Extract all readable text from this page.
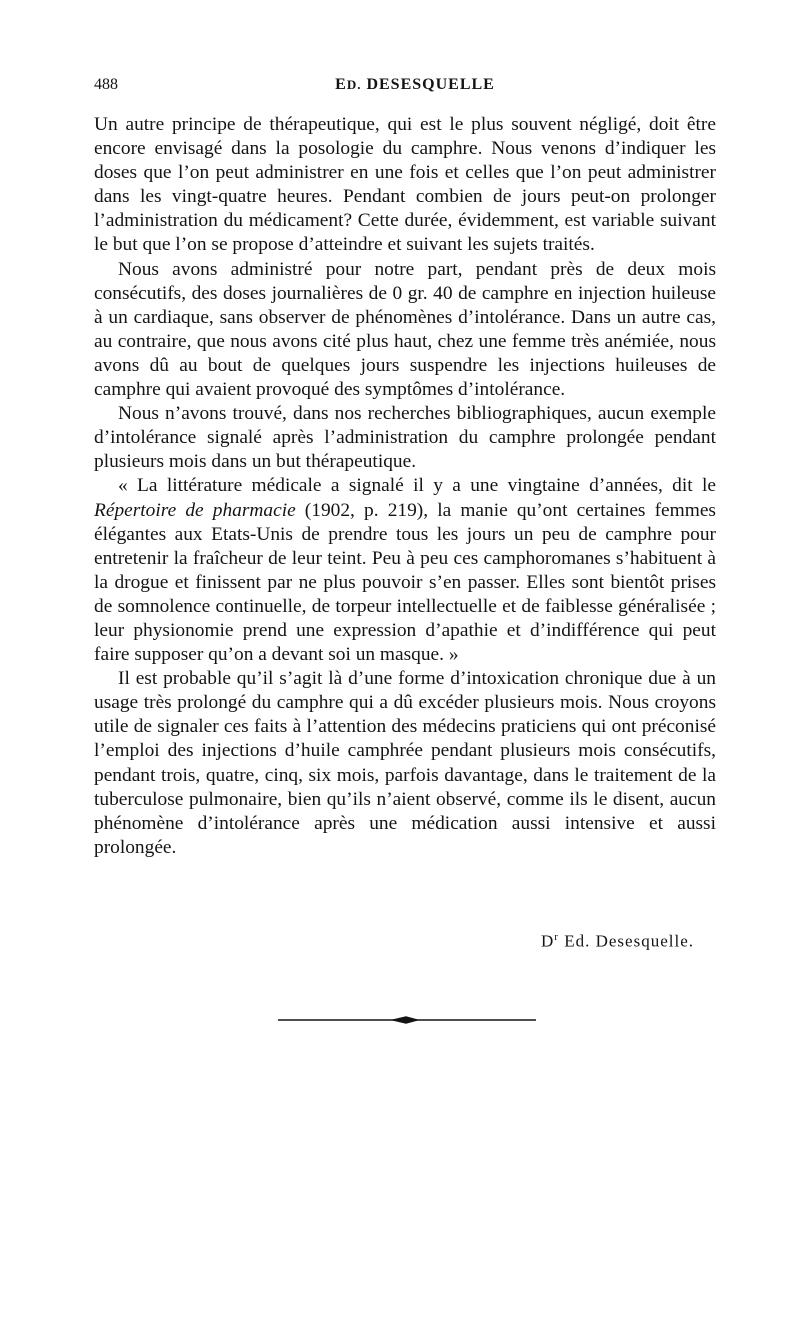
488	ED. DESESQUELLE

Un autre principe de thérapeutique, qui est le plus souvent négligé, doit être encore envisagé dans la posologie du camphre. Nous venons d’indiquer les doses que l’on peut administrer en une fois et celles que l’on peut administrer dans les vingt-quatre heures. Pendant combien de jours peut-on prolonger l’administration du médicament? Cette durée, évidemment, est variable suivant le but que l’on se propose d’atteindre et suivant les sujets traités.

Nous avons administré pour notre part, pendant près de deux mois consécutifs, des doses journalières de 0 gr. 40 de camphre en injection huileuse à un cardiaque, sans observer de phénomènes d’intolérance. Dans un autre cas, au contraire, que nous avons cité plus haut, chez une femme très anémiée, nous avons dû au bout de quelques jours suspendre les injections huileuses de camphre qui avaient provoqué des symptômes d’intolérance.

Nous n’avons trouvé, dans nos recherches bibliographiques, aucun exemple d’intolérance signalé après l’administration du camphre prolongée pendant plusieurs mois dans un but thérapeutique.

« La littérature médicale a signalé il y a une vingtaine d’années, dit le Répertoire de pharmacie (1902, p. 219), la manie qu’ont certaines femmes élégantes aux Etats-Unis de prendre tous les jours un peu de camphre pour entretenir la fraîcheur de leur teint. Peu à peu ces camphoromanes s’habituent à la drogue et finissent par ne plus pouvoir s’en passer. Elles sont bientôt prises de somnolence continuelle, de torpeur intellectuelle et de faiblesse généralisée ; leur physionomie prend une expression d’apathie et d’indifférence qui peut faire supposer qu’on a devant soi un masque. »

Il est probable qu’il s’agit là d’une forme d’intoxication chronique due à un usage très prolongé du camphre qui a dû excéder plusieurs mois. Nous croyons utile de signaler ces faits à l’attention des médecins praticiens qui ont préconisé l’emploi des injections d’huile camphrée pendant plusieurs mois consécutifs, pendant trois, quatre, cinq, six mois, parfois davantage, dans le traitement de la tuberculose pulmonaire, bien qu’ils n’aient observé, comme ils le disent, aucun phénomène d’intolérance après une médication aussi intensive et aussi prolongée.

$D^r$ Ed. Desesquelle.
